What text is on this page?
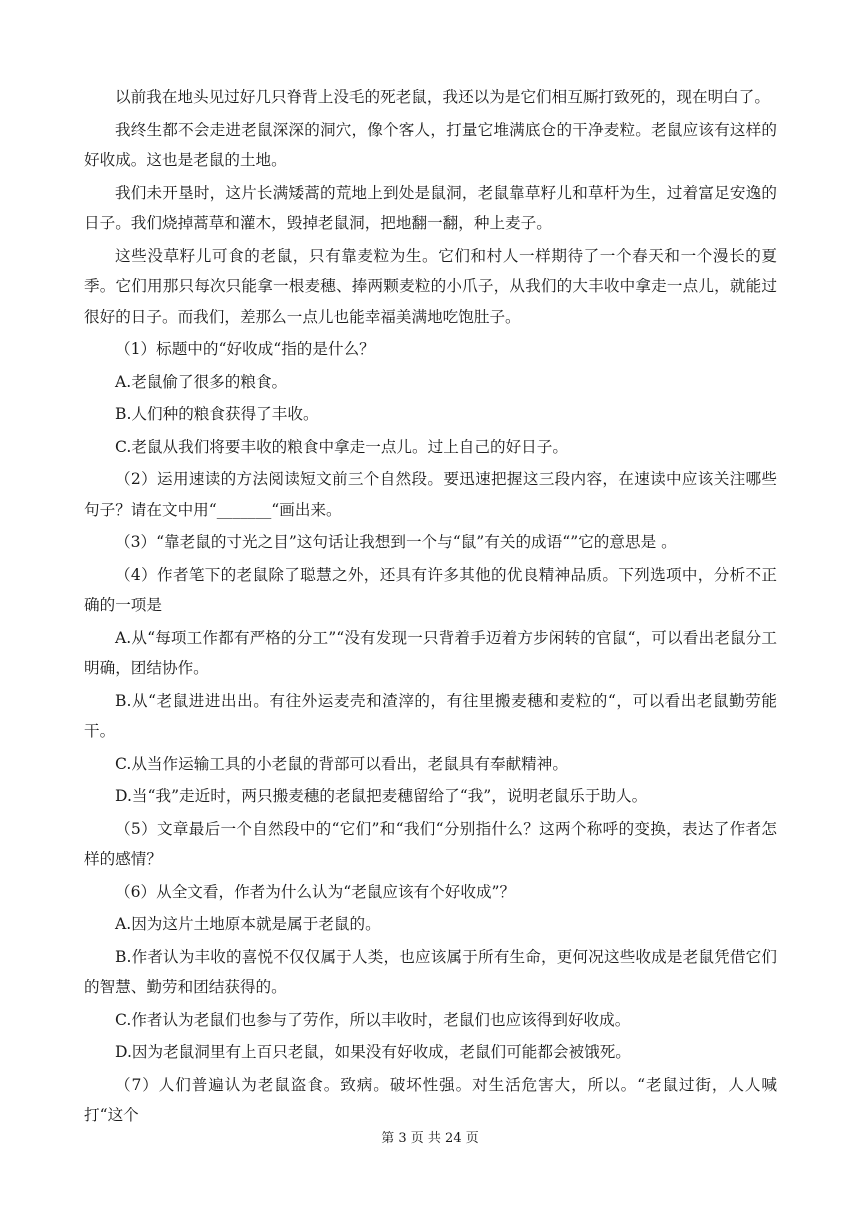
以前我在地头见过好几只脊背上没毛的死老鼠，我还以为是它们相互厮打致死的，现在明白了。

我终生都不会走进老鼠深深的洞穴，像个客人，打量它堆满底仓的干净麦粒。老鼠应该有这样的好收成。这也是老鼠的土地。

我们未开垦时，这片长满矮蒿的荒地上到处是鼠洞，老鼠靠草籽儿和草杆为生，过着富足安逸的日子。我们烧掉蒿草和灌木，毁掉老鼠洞，把地翻一翻，种上麦子。

这些没草籽儿可食的老鼠，只有靠麦粒为生。它们和村人一样期待了一个春天和一个漫长的夏季。它们用那只每次只能拿一根麦穗、捧两颗麦粒的小爪子，从我们的大丰收中拿走一点儿，就能过很好的日子。而我们，差那么一点儿也能幸福美满地吃饱肚子。

（1）标题中的“好收成“指的是什么？

A.老鼠偷了很多的粮食。

B.人们种的粮食获得了丰收。

C.老鼠从我们将要丰收的粮食中拿走一点儿。过上自己的好日子。

（2）运用速读的方法阅读短文前三个自然段。要迅速把握这三段内容，在速读中应该关注哪些句子？请在文中用“_______“画出来。

（3）“靠老鼠的寸光之目”这句话让我想到一个与“鼠”有关的成语“”它的意思是 。

（4）作者笔下的老鼠除了聪慧之外，还具有许多其他的优良精神品质。下列选项中，分析不正确的一项是

A.从“每项工作都有严格的分工”“没有发现一只背着手迈着方步闲转的官鼠“，可以看出老鼠分工明确，团结协作。

B.从“老鼠进进出出。有往外运麦壳和渣滓的，有往里搬麦穗和麦粒的“，可以看出老鼠勤劳能干。

C.从当作运输工具的小老鼠的背部可以看出，老鼠具有奉献精神。

D.当“我”走近时，两只搬麦穗的老鼠把麦穗留给了“我”，说明老鼠乐于助人。

（5）文章最后一个自然段中的“它们”和“我们“分别指什么？这两个称呼的变换，表达了作者怎样的感情？

（6）从全文看，作者为什么认为“老鼠应该有个好收成”？

A.因为这片土地原本就是属于老鼠的。

B.作者认为丰收的喜悦不仅仅属于人类，也应该属于所有生命，更何况这些收成是老鼠凭借它们的智慧、勤劳和团结获得的。

C.作者认为老鼠们也参与了劳作，所以丰收时，老鼠们也应该得到好收成。

D.因为老鼠洞里有上百只老鼠，如果没有好收成，老鼠们可能都会被饿死。

（7）人们普遍认为老鼠盗食。致病。破坏性强。对生活危害大，所以。“老鼠过街，人人喊打“这个

第 3 页 共 24 页
